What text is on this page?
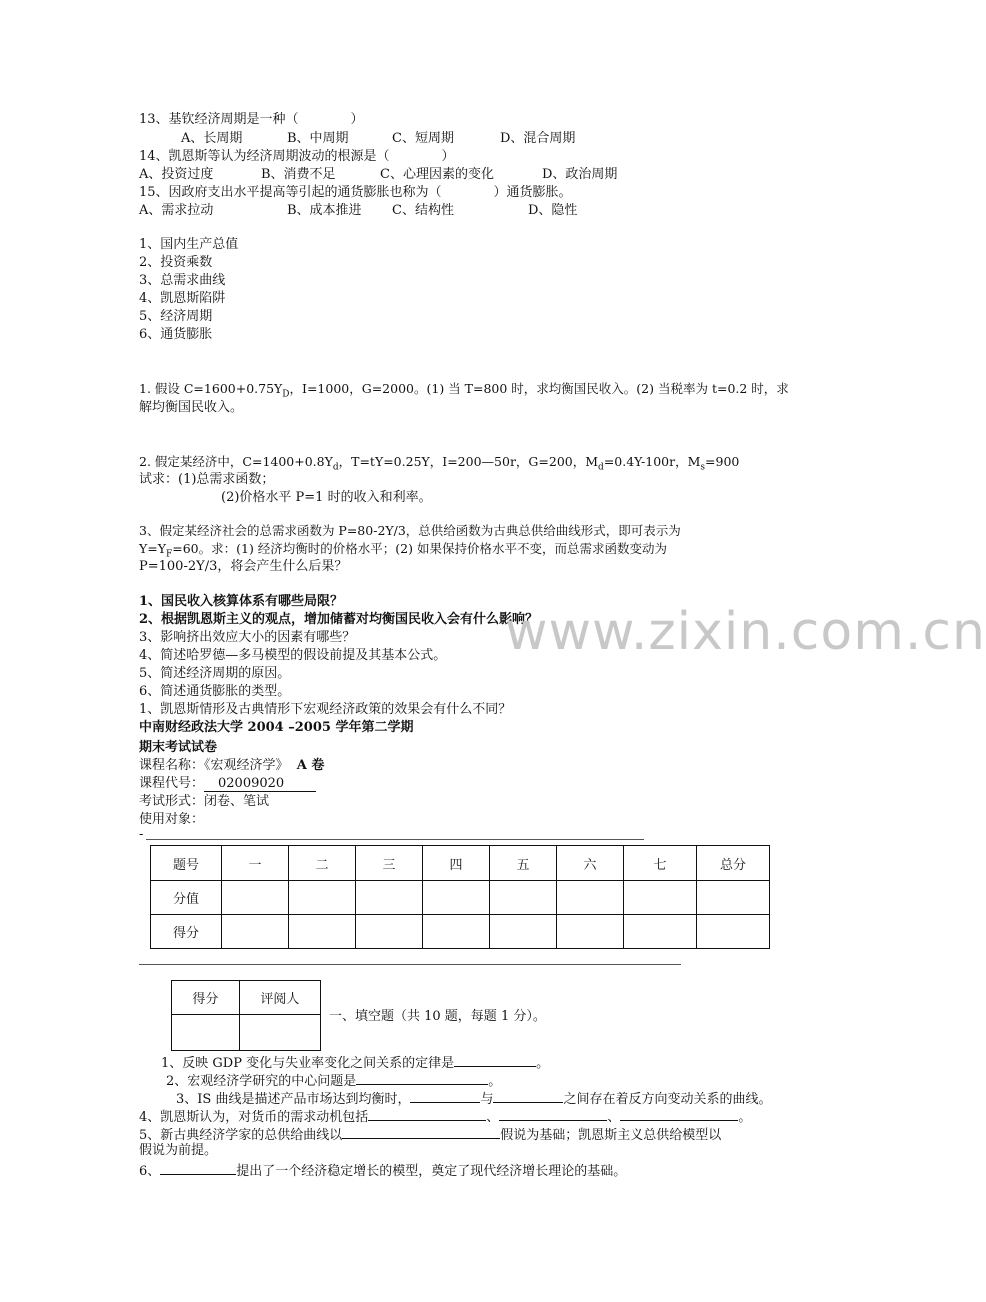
13、基钦经济周期是一种（　　　　）
A、长周期	B、中周期	C、短周期	D、混合周期
14、凯恩斯等认为经济周期波动的根源是（　　　　）
A、投资过度	B、消费不足	C、心理因素的变化	D、政治周期
15、因政府支出水平提高等引起的通货膨胀也称为（　　　　）通货膨胀。
A、需求拉动	B、成本推进 C、结构性	D、隐性
1、国内生产总值
2、投资乘数
3、总需求曲线
4、凯恩斯陷阱
5、经济周期
6、通货膨胀
1. 假设 $C=1600+0.75Y_D$，I=1000，G=2000。(1) 当 T=800 时，求均衡国民收入。(2) 当税率为 t=0.2 时，求
解均衡国民收入。
2. 假定某经济中，$C=1400+0.8Y_d$，T=tY=0.25Y，I=200—50r，G=200，$M_d=0.4Y-100r$，$M_s=900$
试求：(1)总需求函数；
(2)价格水平 P=1 时的收入和利率。
3、假定某经济社会的总需求函数为 P=80-2Y/3，总供给函数为古典总供给曲线形式，即可表示为
$Y=Y_F=60$。求：(1) 经济均衡时的价格水平；(2) 如果保持价格水平不变，而总需求函数变动为
P=100-2Y/3，将会产生什么后果？
1、国民收入核算体系有哪些局限？
2、根据凯恩斯主义的观点，增加储蓄对均衡国民收入会有什么影响？
3、影响挤出效应大小的因素有哪些？
4、简述哈罗德—多马模型的假设前提及其基本公式。
5、简述经济周期的原因。
6、简述通货膨胀的类型。
1、凯恩斯情形及古典情形下宏观经济政策的效果会有什么不同？
www.zixin.com.cn
中南财经政法大学 2004 –2005 学年第二学期
期末考试试卷
课程名称：《宏观经济学》 A 卷
课程代号： 02009020
考试形式：闭卷、笔试
使用对象：
-
题号	一	二	三	四	五	六	七	总分
分值								
得分								
得分	评阅人

一、填空题（共 10 题，每题 1 分）。
1、反映 GDP 变化与失业率变化之间关系的定律是	。
2、宏观经济学研究的中心问题是	。
3、IS 曲线是描述产品市场达到均衡时，	与	之间存在着反方向变动关系的曲线。
4、凯恩斯认为，对货币的需求动机包括	、	、	。
5、新古典经济学家的总供给曲线以	假说为基础；凯恩斯主义总供给模型以
假说为前提。
6、	提出了一个经济稳定增长的模型，奠定了现代经济增长理论的基础。
